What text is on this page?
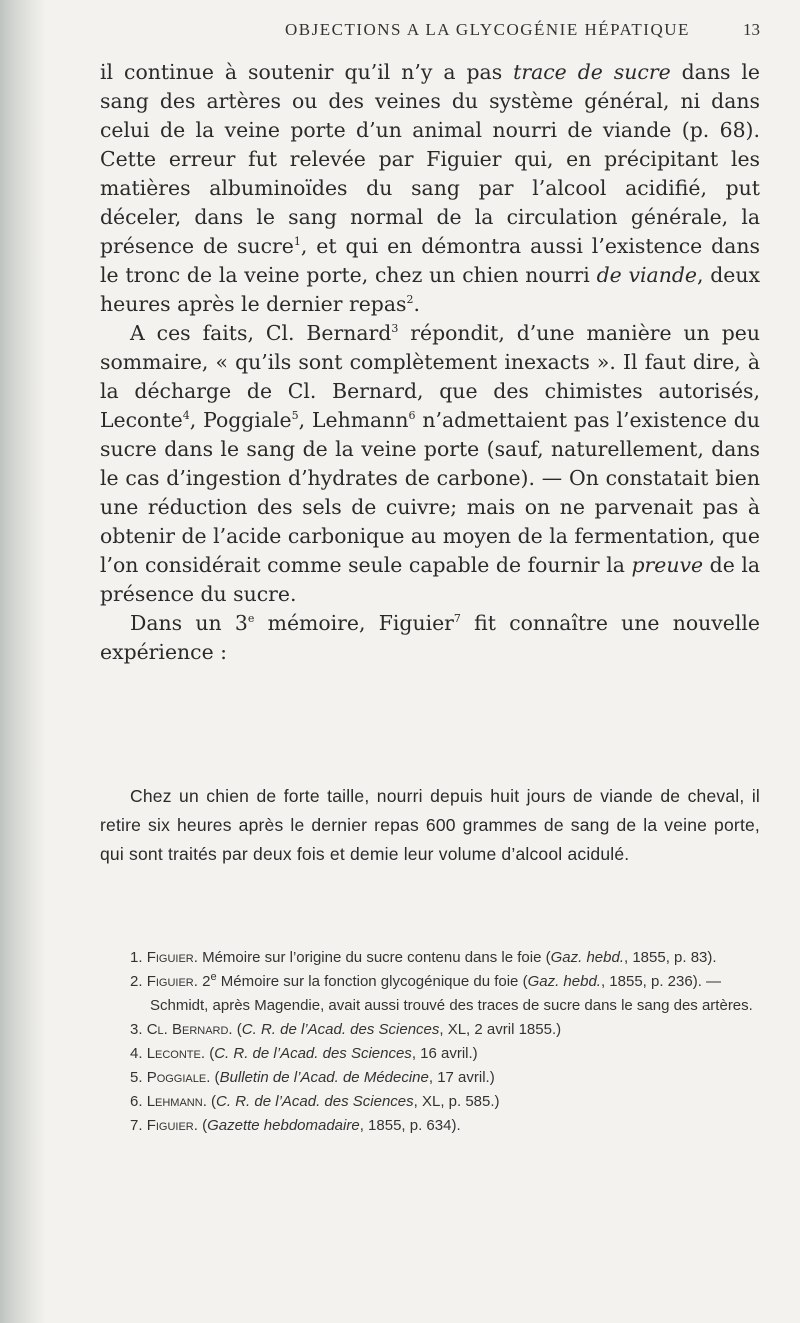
OBJECTIONS A LA GLYCOGÉNIE HÉPATIQUE	13

il continue à soutenir qu’il n’y a pas trace de sucre dans le sang des artères ou des veines du système général, ni dans celui de la veine porte d’un animal nourri de viande (p. 68). Cette erreur fut relevée par Figuier qui, en précipitant les matières albuminoïdes du sang par l’alcool acidifié, put déceler, dans le sang normal de la circulation générale, la présence de sucre$^1$, et qui en démontra aussi l’existence dans le tronc de la veine porte, chez un chien nourri de viande, deux heures après le dernier repas$^2$.

A ces faits, Cl. Bernard$^3$ répondit, d’une manière un peu sommaire, « qu’ils sont complètement inexacts ». Il faut dire, à la décharge de Cl. Bernard, que des chimistes autorisés, Leconte$^4$, Poggiale$^5$, Lehmann$^6$ n’admettaient pas l’existence du sucre dans le sang de la veine porte (sauf, naturellement, dans le cas d’ingestion d’hydrates de carbone). — On constatait bien une réduction des sels de cuivre; mais on ne parvenait pas à obtenir de l’acide carbonique au moyen de la fermentation, que l’on considérait comme seule capable de fournir la preuve de la présence du sucre.

Dans un 3e mémoire, Figuier$^7$ fit connaître une nouvelle expérience :

Chez un chien de forte taille, nourri depuis huit jours de viande de cheval, il retire six heures après le dernier repas 600 grammes de sang de la veine porte, qui sont traités par deux fois et demie leur volume d’alcool acidulé.

1. Figuier. Mémoire sur l’origine du sucre contenu dans le foie (Gaz. hebd., 1855, p. 83).

2. Figuier. 2e Mémoire sur la fonction glycogénique du foie (Gaz. hebd., 1855, p. 236). — Schmidt, après Magendie, avait aussi trouvé des traces de sucre dans le sang des artères.

3. Cl. Bernard. (C. R. de l’Acad. des Sciences, XL, 2 avril 1855.)

4. Leconte. (C. R. de l’Acad. des Sciences, 16 avril.)

5. Poggiale. (Bulletin de l’Acad. de Médecine, 17 avril.)

6. Lehmann. (C. R. de l’Acad. des Sciences, XL, p. 585.)

7. Figuier. (Gazette hebdomadaire, 1855, p. 634).
